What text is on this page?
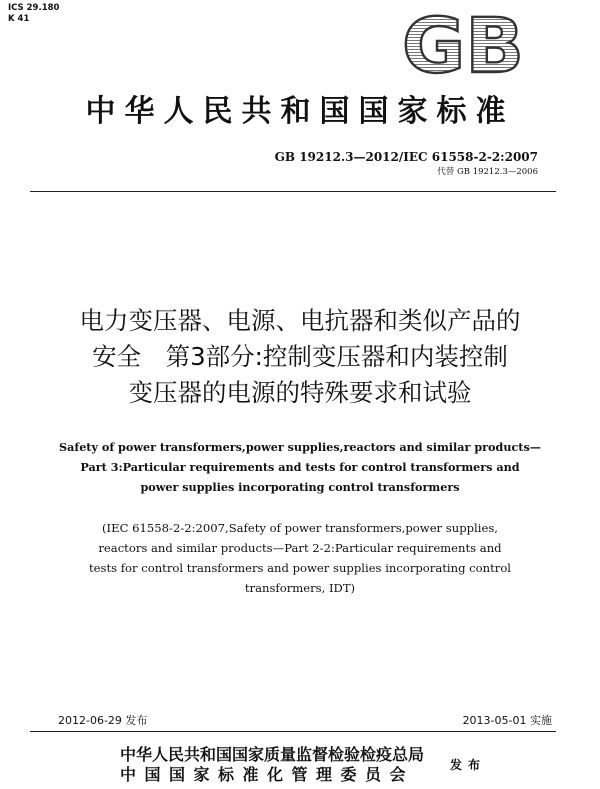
ICS 29.180
K 41	GB
中华人民共和国国家标准
GB 19212.3—2012/IEC 61558-2-2:2007
代替 GB 19212.3—2006
电力变压器、电源、电抗器和类似产品的
安全　第3部分:控制变压器和内装控制
变压器的电源的特殊要求和试验
Safety of power transformers,power supplies,reactors and similar products—
Part 3:Particular requirements and tests for control transformers and
power supplies incorporating control transformers
(IEC 61558-2-2:2007,Safety of power transformers,power supplies,
reactors and similar products—Part 2-2:Particular requirements and
tests for control transformers and power supplies incorporating control
transformers, IDT)
2012-06-29 发布	2013-05-01 实施
中华人民共和国国家质量监督检验检疫总局
中国国家标准化管理委员会	发布
